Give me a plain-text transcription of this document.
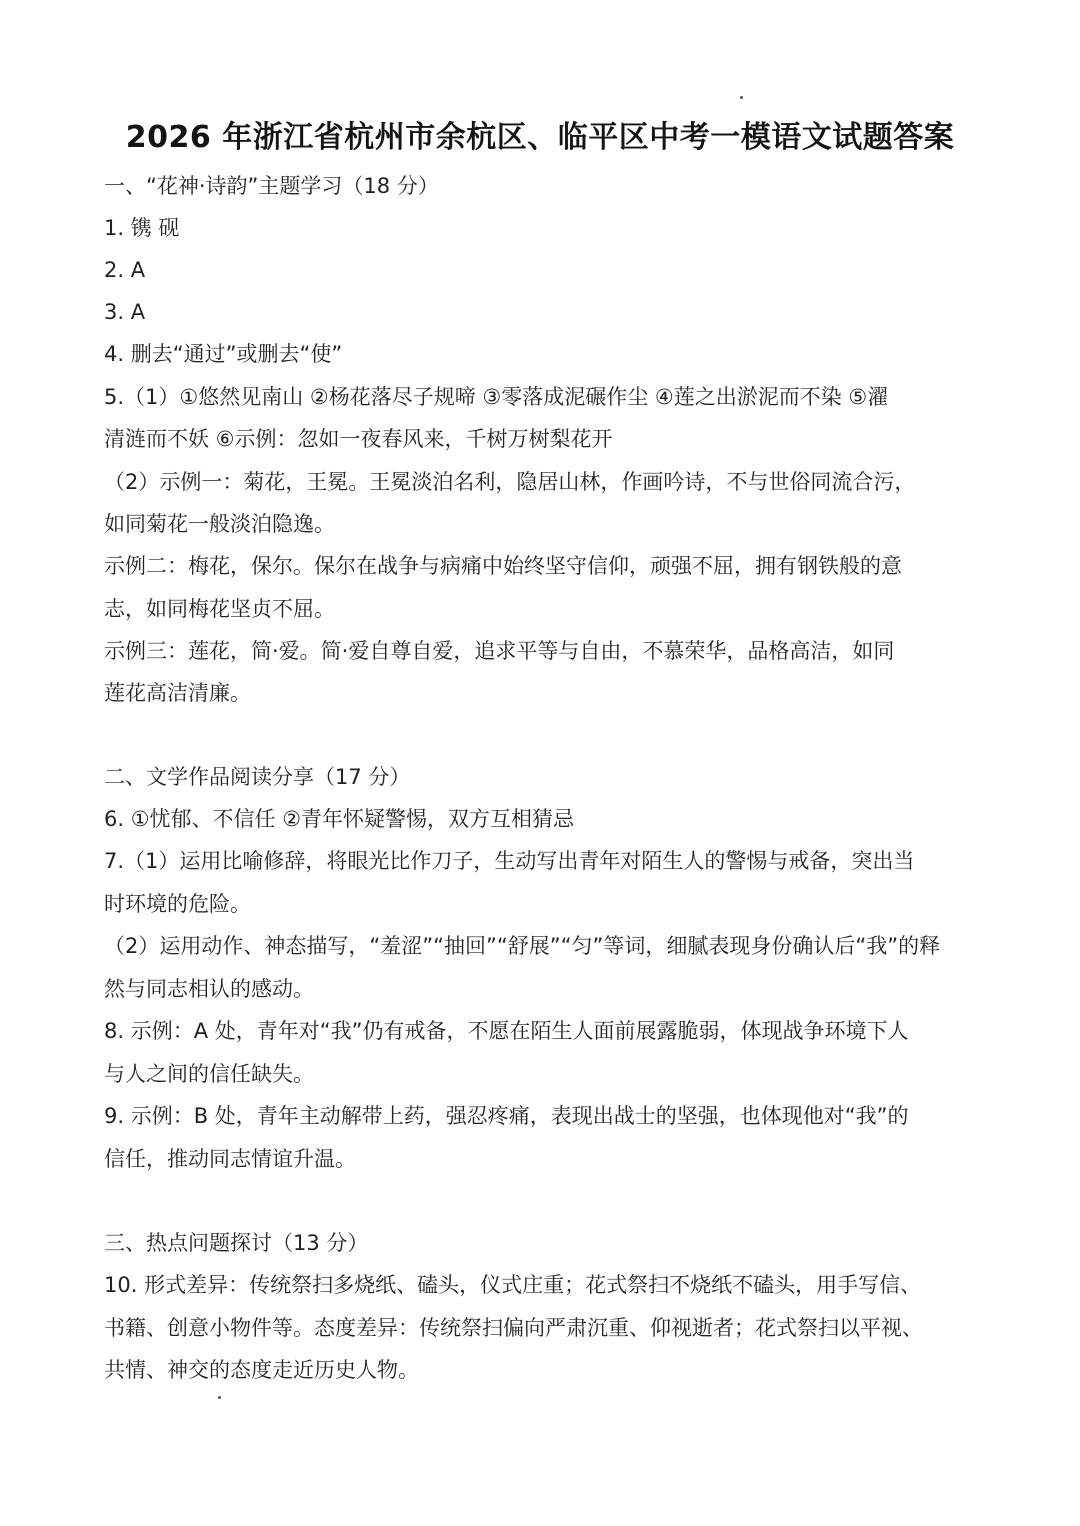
2026 年浙江省杭州市余杭区、临平区中考一模语文试题答案
一、“花神·诗韵”主题学习（18 分）
1. 镌 砚
2. A
3. A
4. 删去“通过”或删去“使”
5.（1）①悠然见南山 ②杨花落尽子规啼 ③零落成泥碾作尘 ④莲之出淤泥而不染 ⑤濯
清涟而不妖 ⑥示例：忽如一夜春风来，千树万树梨花开
（2）示例一：菊花，王冕。王冕淡泊名利，隐居山林，作画吟诗，不与世俗同流合污，
如同菊花一般淡泊隐逸。
示例二：梅花，保尔。保尔在战争与病痛中始终坚守信仰，顽强不屈，拥有钢铁般的意
志，如同梅花坚贞不屈。
示例三：莲花，简·爱。简·爱自尊自爱，追求平等与自由，不慕荣华，品格高洁，如同
莲花高洁清廉。
二、文学作品阅读分享（17 分）
6. ①忧郁、不信任 ②青年怀疑警惕，双方互相猜忌
7.（1）运用比喻修辞，将眼光比作刀子，生动写出青年对陌生人的警惕与戒备，突出当
时环境的危险。
（2）运用动作、神态描写，“羞涩”“抽回”“舒展”“匀”等词，细腻表现身份确认后“我”的释
然与同志相认的感动。
8. 示例：A 处，青年对“我”仍有戒备，不愿在陌生人面前展露脆弱，体现战争环境下人
与人之间的信任缺失。
9. 示例：B 处，青年主动解带上药，强忍疼痛，表现出战士的坚强，也体现他对“我”的
信任，推动同志情谊升温。
三、热点问题探讨（13 分）
10. 形式差异：传统祭扫多烧纸、磕头，仪式庄重；花式祭扫不烧纸不磕头，用手写信、
书籍、创意小物件等。态度差异：传统祭扫偏向严肃沉重、仰视逝者；花式祭扫以平视、
共情、神交的态度走近历史人物。
